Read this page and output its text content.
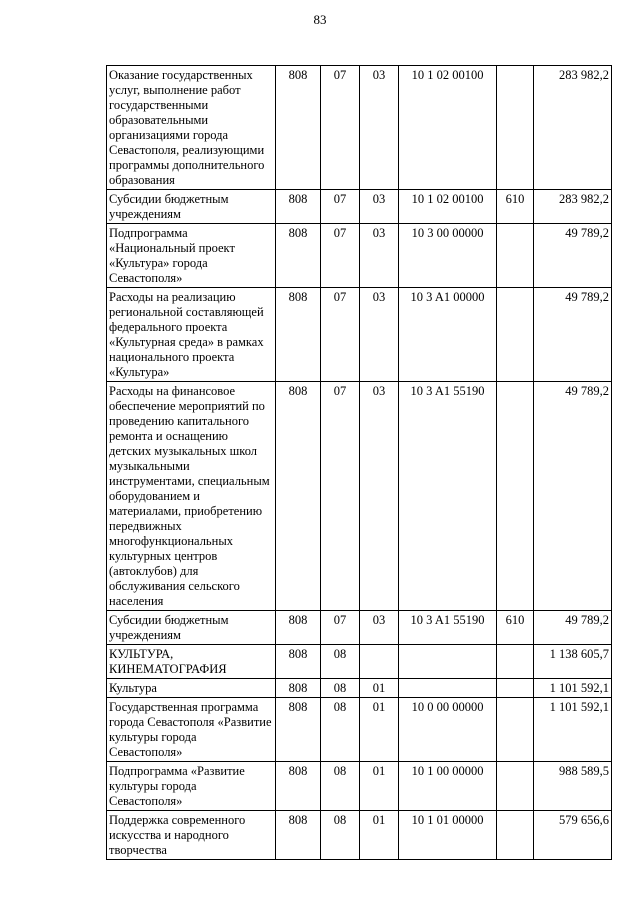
83
Оказание государственных услуг, выполнение работ государственными образовательными организациями города Севастополя, реализующими программы дополнительного образования	808	07	03	10 1 02 00100		283 982,2
Субсидии бюджетным учреждениям	808	07	03	10 1 02 00100	610	283 982,2
Подпрограмма «Национальный проект «Культура» города Севастополя»	808	07	03	10 3 00 00000		49 789,2
Расходы на реализацию региональной составляющей федерального проекта «Культурная среда» в рамках национального проекта «Культура»	808	07	03	10 3 A1 00000		49 789,2
Расходы на финансовое обеспечение мероприятий по проведению капитального ремонта и оснащению детских музыкальных школ музыкальными инструментами, специальным оборудованием и материалами, приобретению передвижных многофункциональных культурных центров (автоклубов) для обслуживания сельского населения	808	07	03	10 3 A1 55190		49 789,2
Субсидии бюджетным учреждениям	808	07	03	10 3 A1 55190	610	49 789,2
КУЛЬТУРА, КИНЕМАТОГРАФИЯ	808	08				1 138 605,7
Культура	808	08	01			1 101 592,1
Государственная программа города Севастополя «Развитие культуры города Севастополя»	808	08	01	10 0 00 00000		1 101 592,1
Подпрограмма «Развитие культуры города Севастополя»	808	08	01	10 1 00 00000		988 589,5
Поддержка современного искусства и народного творчества	808	08	01	10 1 01 00000		579 656,6
